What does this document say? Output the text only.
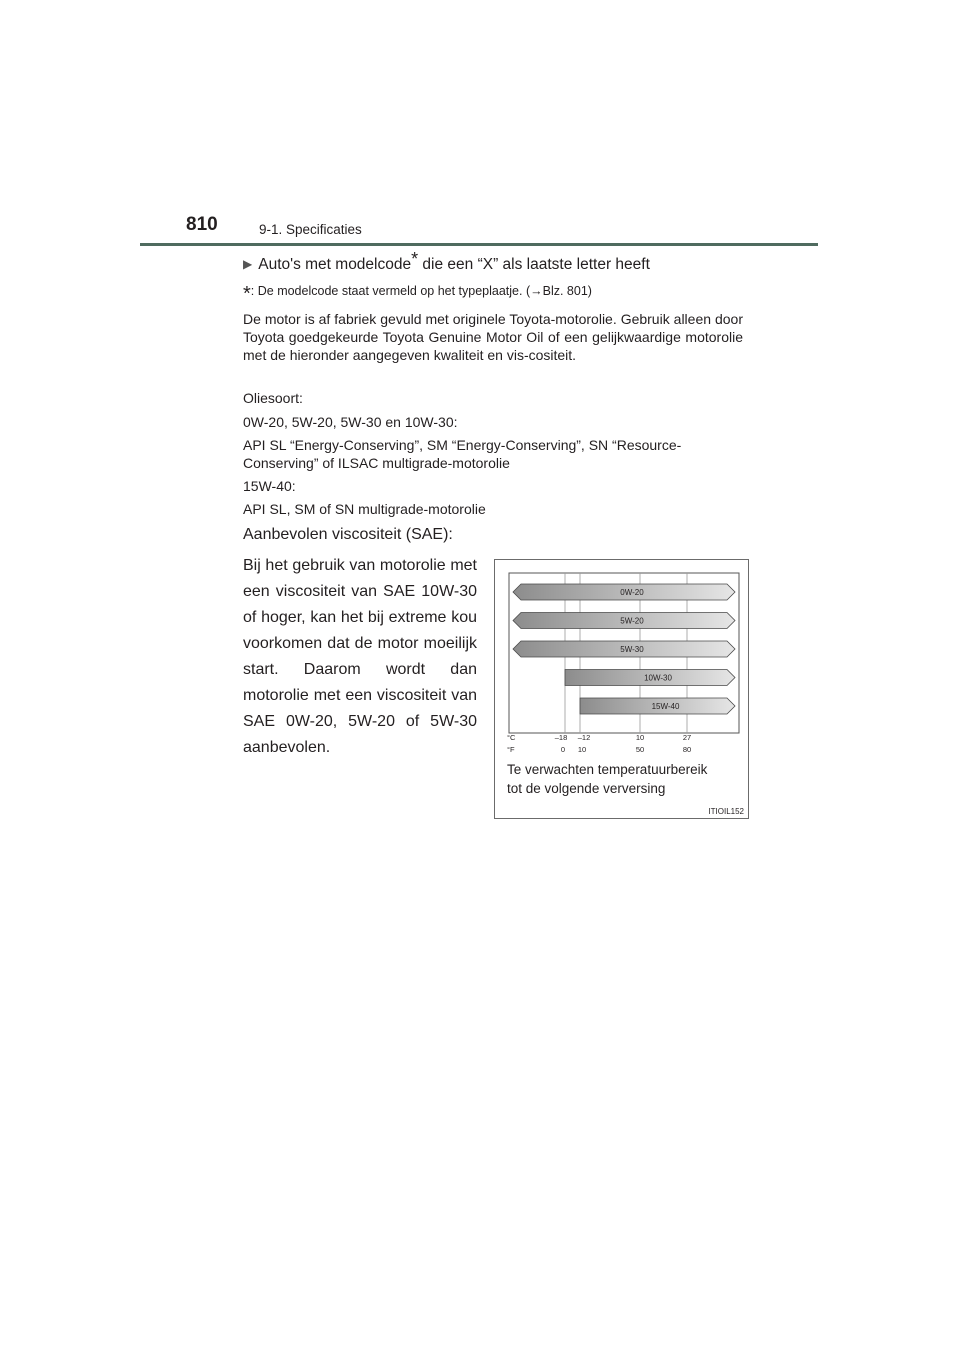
810	9-1. Specificaties
▶ Auto's met modelcode* die een “X” als laatste letter heeft
*: De modelcode staat vermeld op het typeplaatje. (→Blz. 801)
De motor is af fabriek gevuld met originele Toyota-motorolie. Gebruik alleen door Toyota goedgekeurde Toyota Genuine Motor Oil of een gelijkwaardige motorolie met de hieronder aangegeven kwaliteit en vis-cositeit.
Oliesoort:
0W-20, 5W-20, 5W-30 en 10W-30:
API SL “Energy-Conserving”, SM “Energy-Conserving”, SN “Resource-Conserving” of ILSAC multigrade-motorolie
15W-40:
API SL, SM of SN multigrade-motorolie
Aanbevolen viscositeit (SAE):

Bij het gebruik van motorolie met een viscositeit van SAE 10W-30 of hoger, kan het bij extreme kou voorkomen dat de motor moeilijk start. Daarom wordt dan motorolie met een viscositeit van SAE 0W-20, 5W-20 of 5W-30 aanbevolen.

0W-20
5W-20
5W-30
10W-30
15W-40
°C
°F
–18 –12	10	27
0 10	50	80
Te verwachten temperatuurbereik
tot de volgende verversing
ITIOIL152
